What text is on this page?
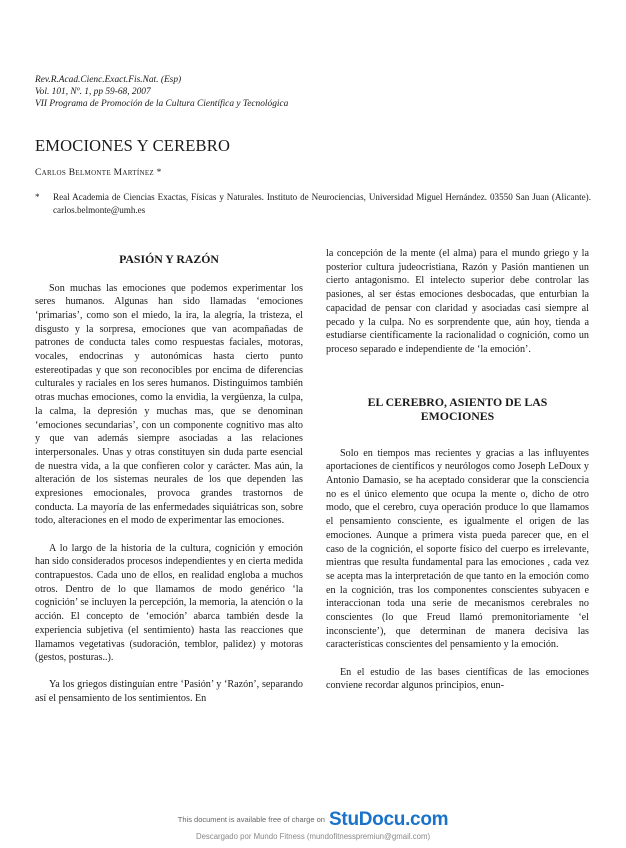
Rev.R.Acad.Cienc.Exact.Fis.Nat. (Esp)
Vol. 101, Nº. 1, pp 59-68, 2007
VII Programa de Promoción de la Cultura Científica y Tecnológica
EMOCIONES Y CEREBRO
Carlos Belmonte Martínez *
*	Real Academia de Ciencias Exactas, Físicas y Naturales. Instituto de Neurociencias, Universidad Miguel Hernández. 03550 San Juan (Alicante). carlos.belmonte@umh.es
PASIÓN Y RAZÓN

Son muchas las emociones que podemos experimentar los seres humanos. Algunas han sido llamadas ‘emociones ‘primarias’, como son el miedo, la ira, la alegría, la tristeza, el disgusto y la sorpresa, emociones que van acompañadas de patrones de conducta tales como respuestas faciales, motoras, vocales, endocrinas y autonómicas hasta cierto punto estereotipadas y que son reconocibles por encima de diferencias culturales y raciales en los seres humanos. Distinguimos también otras muchas emociones, como la envidia, la vergüenza, la culpa, la calma, la depresión y muchas mas, que se denominan ‘emociones secundarias’, con un componente cognitivo mas alto y que van además siempre asociadas a las relaciones interpersonales. Unas y otras constituyen sin duda parte esencial de nuestra vida, a la que confieren color y carácter. Mas aún, la alteración de los sistemas neurales de los que dependen las expresiones emocionales, provoca grandes trastornos de conducta. La mayoría de las enfermedades siquiátricas son, sobre todo, alteraciones en el modo de experimentar las emociones.

A lo largo de la historia de la cultura, cognición y emoción han sido considerados procesos independientes y en cierta medida contrapuestos. Cada uno de ellos, en realidad engloba a muchos otros. Dentro de lo que llamamos de modo genérico ‘la cognición’ se incluyen la percepción, la memoria, la atención o la acción. El concepto de ‘emoción’ abarca también desde la experiencia subjetiva (el sentimiento) hasta las reacciones que llamamos vegetativas (sudoración, temblor, palidez) y motoras (gestos, posturas..).

Ya los griegos distinguían entre ‘Pasión’ y ‘Razón’, separando así el pensamiento de los sentimientos. En

la concepción de la mente (el alma) para el mundo griego y la posterior cultura judeocristiana, Razón y Pasión mantienen un cierto antagonismo. El intelecto superior debe controlar las pasiones, al ser éstas emociones desbocadas, que enturbian la capacidad de pensar con claridad y asociadas casi siempre al pecado y la culpa. No es sorprendente que, aún hoy, tienda a estudiarse científicamente la racionalidad o cognición, como un proceso separado e independiente de ‘la emoción’.

EL CEREBRO, ASIENTO DE LAS
EMOCIONES

Solo en tiempos mas recientes y gracias a las influyentes aportaciones de científicos y neurólogos como Joseph LeDoux y Antonio Damasio, se ha aceptado considerar que la consciencia no es el único elemento que ocupa la mente o, dicho de otro modo, que el cerebro, cuya operación produce lo que llamamos el pensamiento consciente, es igualmente el origen de las emociones. Aunque a primera vista pueda parecer que, en el caso de la cognición, el soporte físico del cuerpo es irrelevante, mientras que resulta fundamental para las emociones , cada vez se acepta mas la interpretación de que tanto en la emoción como en la cognición, tras los componentes conscientes subyacen e interaccionan toda una serie de mecanismos cerebrales no conscientes (lo que Freud llamó premonitoriamente ‘el inconsciente’), que determinan de manera decisiva las características conscientes del pensamiento y la emoción.

En el estudio de las bases científicas de las emociones conviene recordar algunos principios, enun-

This document is available free of charge on StuDocu.com
Descargado por Mundo Fitness (mundofitnesspremiun@gmail.com)
